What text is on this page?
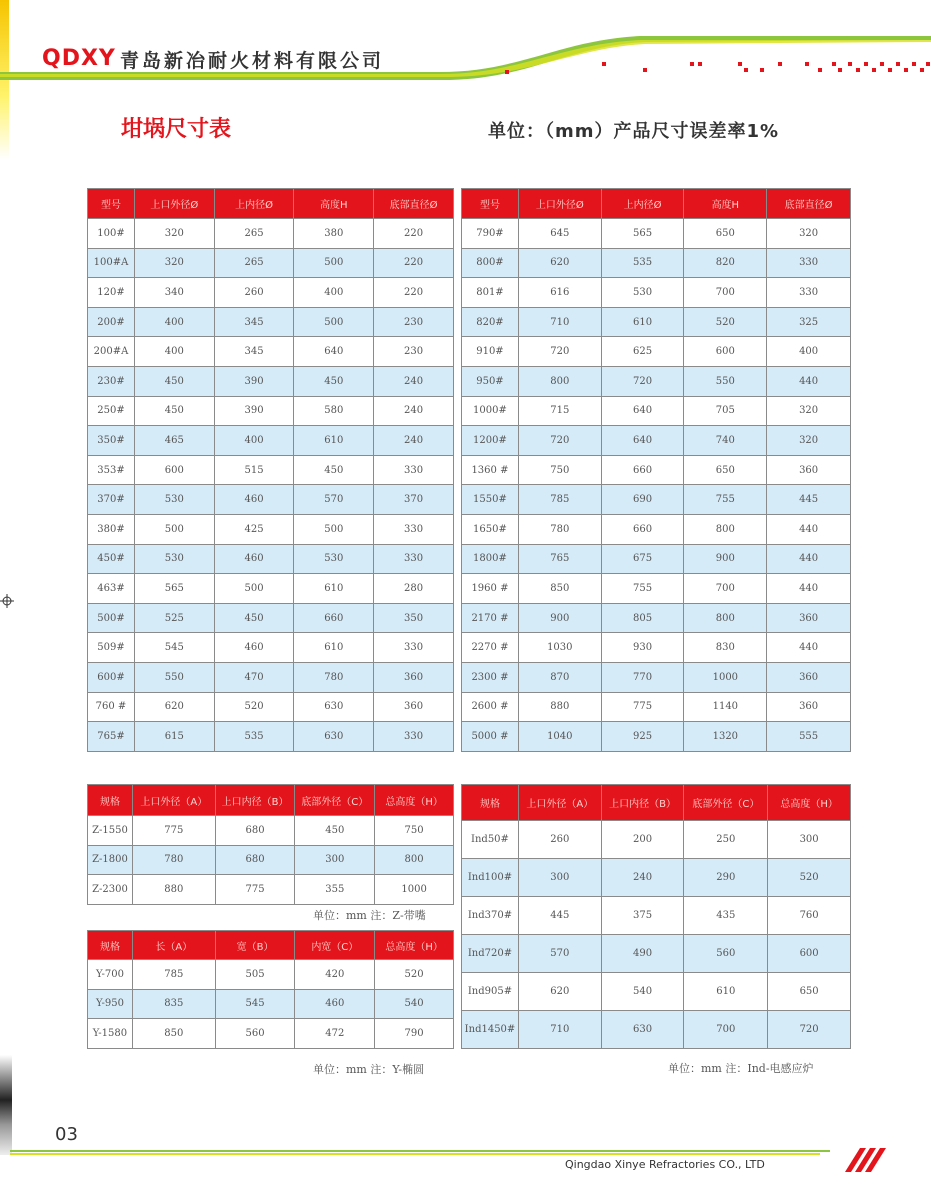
QDXY 青岛新冶耐火材料有限公司
坩埚尺寸表	单位：（mm）产品尺寸误差率1%
型号	上口外径Ø	上内径Ø	高度H	底部直径Ø
100#	320	265	380	220
100#A	320	265	500	220
120#	340	260	400	220
200#	400	345	500	230
200#A	400	345	640	230
230#	450	390	450	240
250#	450	390	580	240
350#	465	400	610	240
353#	600	515	450	330
370#	530	460	570	370
380#	500	425	500	330
450#	530	460	530	330
463#	565	500	610	280
500#	525	450	660	350
509#	545	460	610	330
600#	550	470	780	360
760 #	620	520	630	360
765#	615	535	630	330
型号	上口外径Ø	上内径Ø	高度H	底部直径Ø
790#	645	565	650	320
800#	620	535	820	330
801#	616	530	700	330
820#	710	610	520	325
910#	720	625	600	400
950#	800	720	550	440
1000#	715	640	705	320
1200#	720	640	740	320
1360 #	750	660	650	360
1550#	785	690	755	445
1650#	780	660	800	440
1800#	765	675	900	440
1960 #	850	755	700	440
2170 #	900	805	800	360
2270 #	1030	930	830	440
2300 #	870	770	1000	360
2600 #	880	775	1140	360
5000 #	1040	925	1320	555
规格	上口外径（A）	上口内径（B）	底部外径（C）	总高度（H）
Z-1550	775	680	450	750
Z-1800	780	680	300	800
Z-2300	880	775	355	1000
单位：mm 注：Z-带嘴
规格	长（A）	宽（B）	内宽（C）	总高度（H）
Y-700	785	505	420	520
Y-950	835	545	460	540
Y-1580	850	560	472	790
单位：mm 注：Y-椭圆
规格	上口外径（A）	上口内径（B）	底部外径（C）	总高度（H）
Ind50#	260	200	250	300
Ind100#	300	240	290	520
Ind370#	445	375	435	760
Ind720#	570	490	560	600
Ind905#	620	540	610	650
Ind1450#	710	630	700	720
单位：mm 注：Ind-电感应炉
03
Qingdao Xinye Refractories CO., LTD
